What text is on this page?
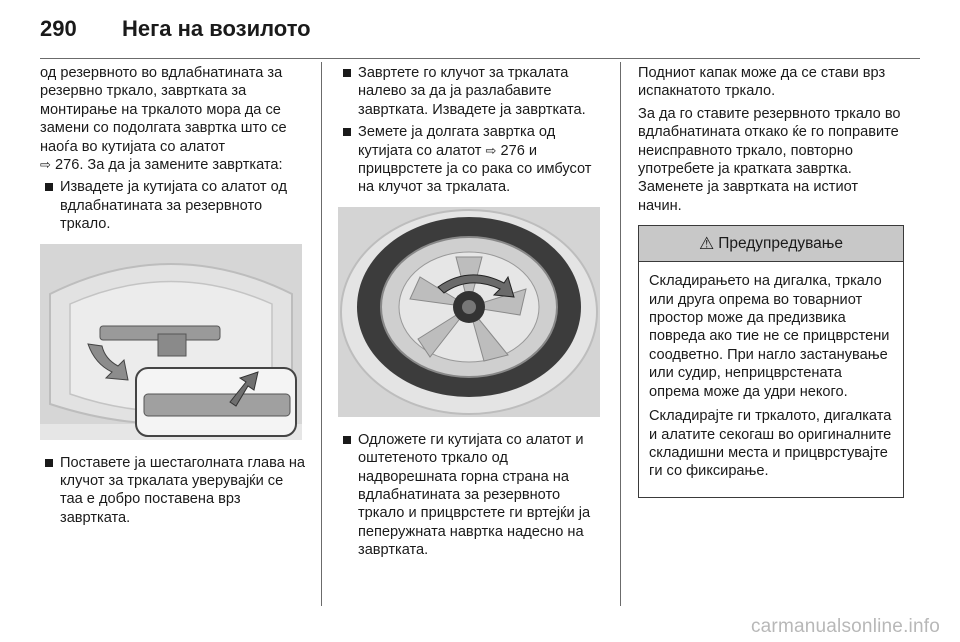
290	Нега на возилото

од резервното во вдлабнатината за резервно тркало, завртката за монтирање на тркалото мора да се замени со подолгата завртка што се наоѓа во кутијата со алатот
⇨ 276. За да ја замените завртката:

Извадете ја кутијата со алатот од вдлабнатината за резервното тркало.
Поставете ја шестаголната глава на клучот за тркалата уверувајќи се таа е добро поставена врз завртката.
Завртете го клучот за тркалата налево за да ја разлабавите завртката. Извадете ја завртката.
Земете ја долгата завртка од кутијата со алатот ⇨ 276 и прицврстете ја со рака со имбусот на клучот за тркалата.
Одложете ги кутијата со алатот и оштетеното тркало од надворешната горна страна на вдлабнатината за резервното тркало и прицврстете ги вртејќи ја пеперужната навртка надесно на завртката.

Подниот капак може да се стави врз испакнатото тркало.

За да го ставите резервното тркало во вдлабнатината откако ќе го поправите неисправното тркало, повторно употребете ја кратката завртка. Заменете ја завртката на истиот начин.

⚠ Предупредување

Складирањето на дигалка, тркало или друга опрема во товарниот простор може да предизвика повреда ако тие не се прицврстени соодветно. При нагло застанување или судир, неприцврстената опрема може да удри некого.

Складирајте ги тркалото, дигалката и алатите секогаш во оригиналните складишни места и прицврстувајте ги со фиксирање.

carmanualsonline.info
